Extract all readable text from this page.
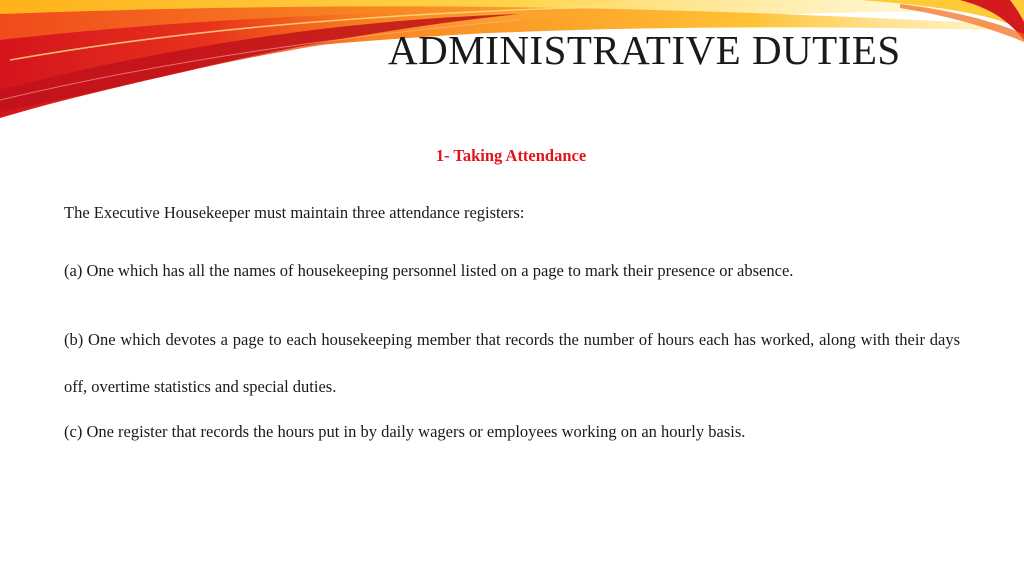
ADMINISTRATIVE DUTIES
1- Taking Attendance

The Executive Housekeeper must maintain three attendance registers:

(a) One which has all the names of housekeeping personnel listed on a page to mark their presence or absence.

(b) One which devotes a page to each housekeeping member that records the number of hours each has worked, along with their days off, overtime statistics and special duties.

(c) One register that records the hours put in by daily wagers or employees working on an hourly basis.
